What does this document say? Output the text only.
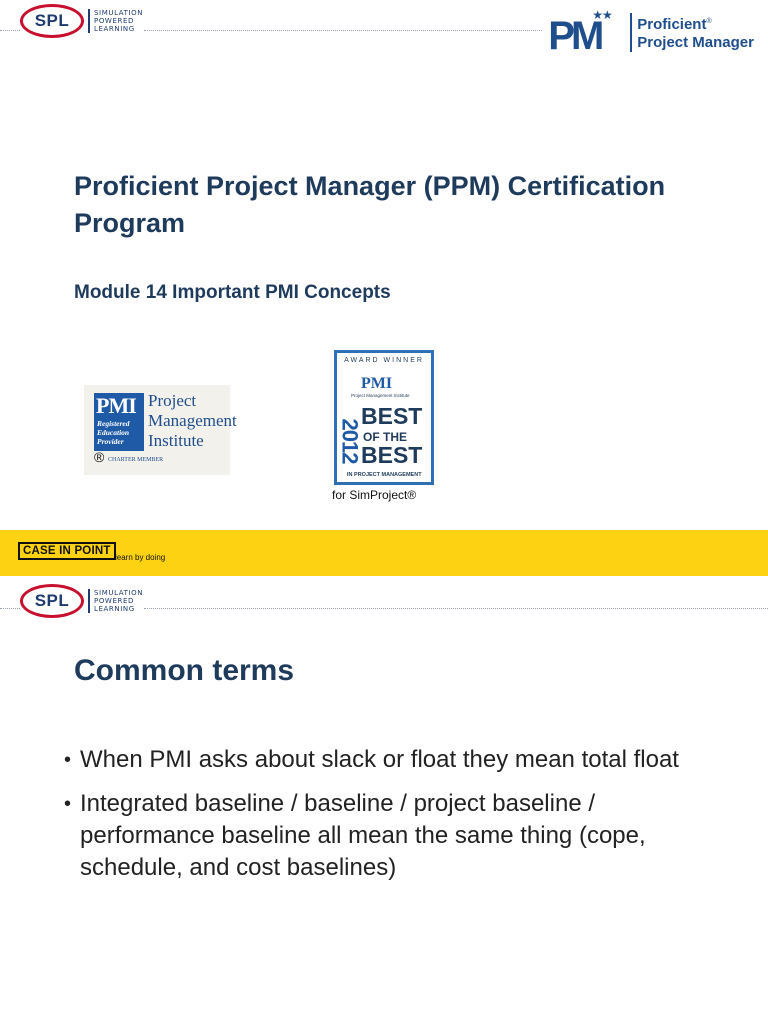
SPL	SIMULATION
POWERED
LEARNING
★★
PM Proficient®
Project Manager
Proficient Project Manager (PPM) Certification Program
Module 14 Important PMI Concepts
PMI
Registered
Education
Provider
Project
Management
Institute
® CHARTER MEMBER
AWARD WINNER
PMI
Project Management Institute
2012
BEST
OF THE
BEST
IN PROJECT MANAGEMENT
for SimProject®
CASE IN POINT
learn by doing
SPL	SIMULATION
POWERED
LEARNING
Common terms
• When PMI asks about slack or float they mean total float
• Integrated baseline / baseline / project baseline / performance baseline all mean the same thing (cope, schedule, and cost baselines)
